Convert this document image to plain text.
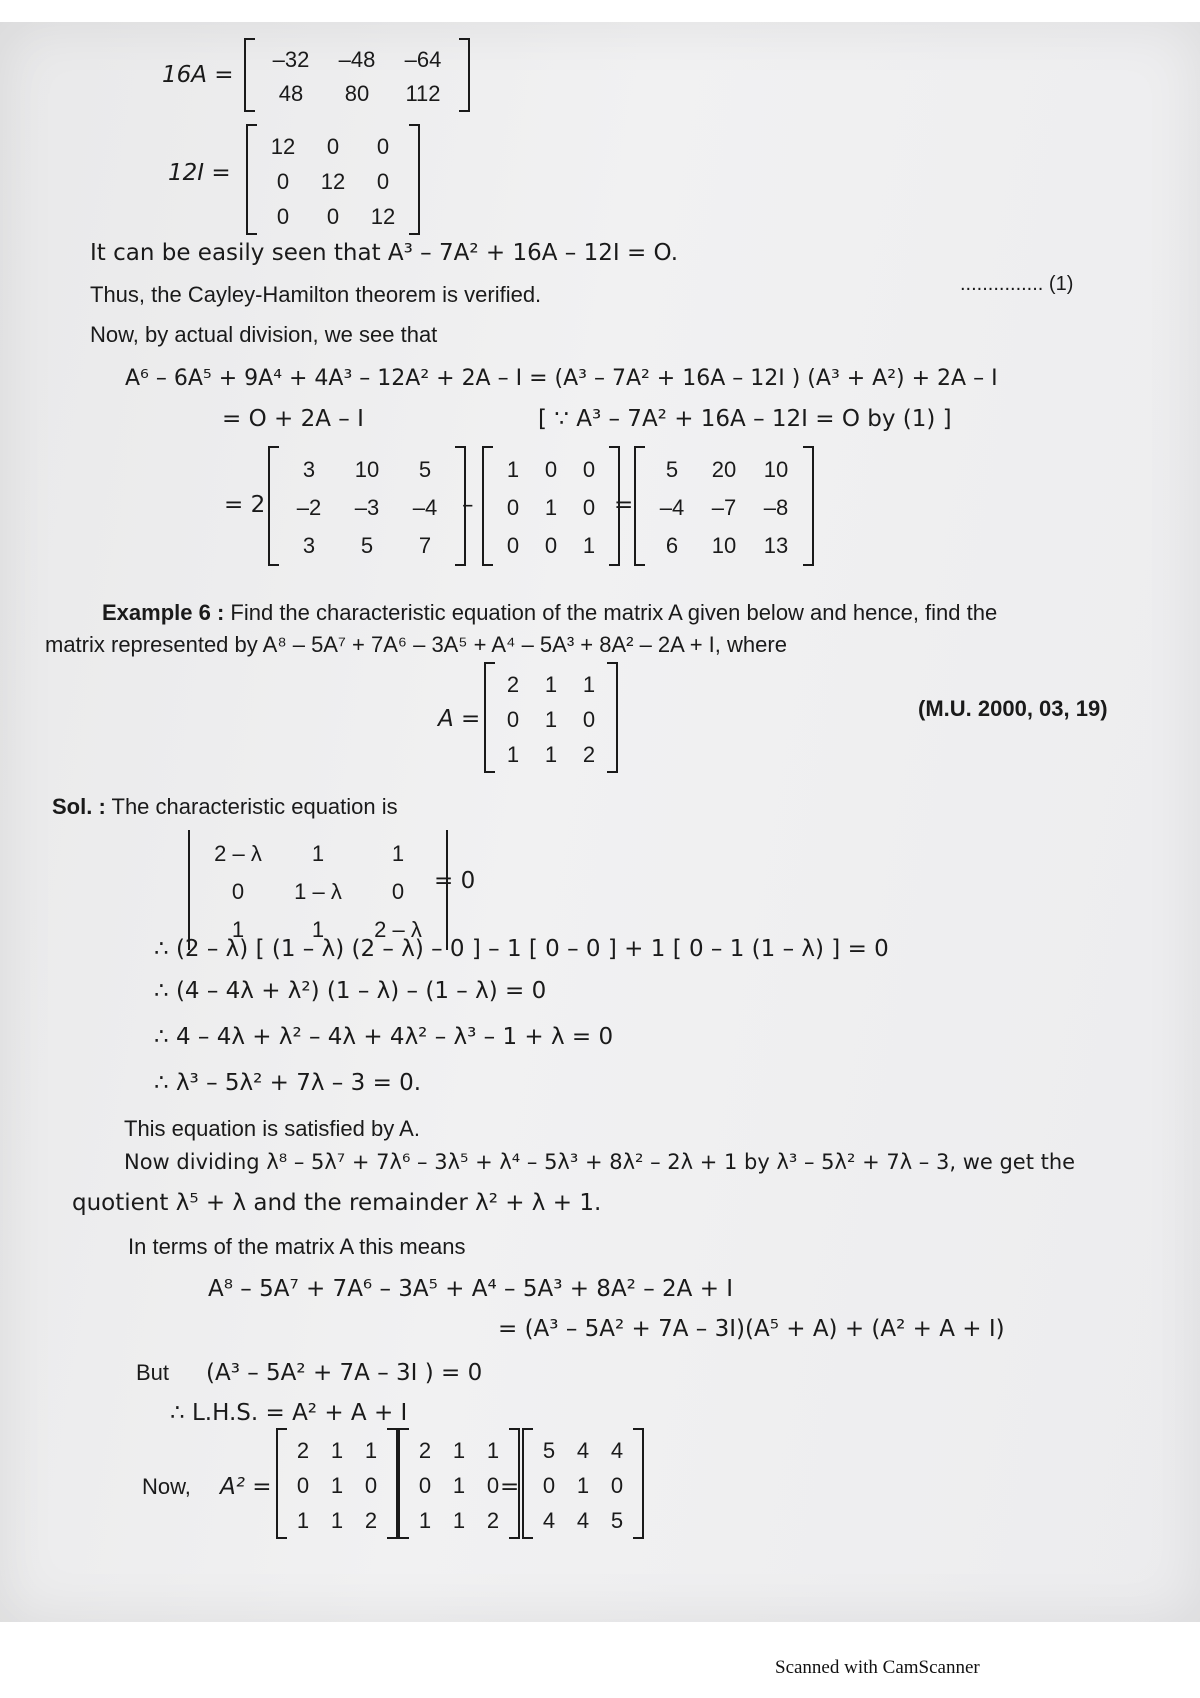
16A =
–32	–48	–64
48	80	112
12I =
12	0	0
0	12	0
0	0	12
It can be easily seen that A³ – 7A² + 16A – 12I = O.
............... (1)
Thus, the Cayley-Hamilton theorem is verified.
Now, by actual division, we see that
A⁶ – 6A⁵ + 9A⁴ + 4A³ – 12A² + 2A – I = (A³ – 7A² + 16A – 12I ) (A³ + A²) + 2A – I
= O + 2A – I	[ ∵ A³ – 7A² + 16A – 12I = O by (1) ]
= 2
3	10	5
–2	–3	–4
3	5	7
–
1	0	0
0	1	0
0	0	1
=
5	20	10
–4	–7	–8
6	10	13
Example 6 : Find the characteristic equation of the matrix A given below and hence, find the
matrix represented by A⁸ – 5A⁷ + 7A⁶ – 3A⁵ + A⁴ – 5A³ + 8A² – 2A + I, where
A =
2	1	1
0	1	0
1	1	2
(M.U. 2000, 03, 19)
Sol. : The characteristic equation is
2 – λ	1	1
0	1 – λ	0
1	1	2 – λ
= 0
∴ (2 – λ) [ (1 – λ) (2 – λ) – 0 ] – 1 [ 0 – 0 ] + 1 [ 0 – 1 (1 – λ) ] = 0
∴ (4 – 4λ + λ²) (1 – λ) – (1 – λ) = 0
∴ 4 – 4λ + λ² – 4λ + 4λ² – λ³ – 1 + λ = 0
∴ λ³ – 5λ² + 7λ – 3 = 0.
This equation is satisfied by A.
Now dividing λ⁸ – 5λ⁷ + 7λ⁶ – 3λ⁵ + λ⁴ – 5λ³ + 8λ² – 2λ + 1 by λ³ – 5λ² + 7λ – 3, we get the
quotient λ⁵ + λ and the remainder λ² + λ + 1.
In terms of the matrix A this means
A⁸ – 5A⁷ + 7A⁶ – 3A⁵ + A⁴ – 5A³ + 8A² – 2A + I
= (A³ – 5A² + 7A – 3I)(A⁵ + A) + (A² + A + I)
But (A³ – 5A² + 7A – 3I ) = 0
∴ L.H.S. = A² + A + I
Now, A² =
2 1 1
0 1 0
1 1 2
2 1 1
0 1 0
1 1 2
=
5 4 4
0 1 0
4 4 5
Scanned with CamScanner
